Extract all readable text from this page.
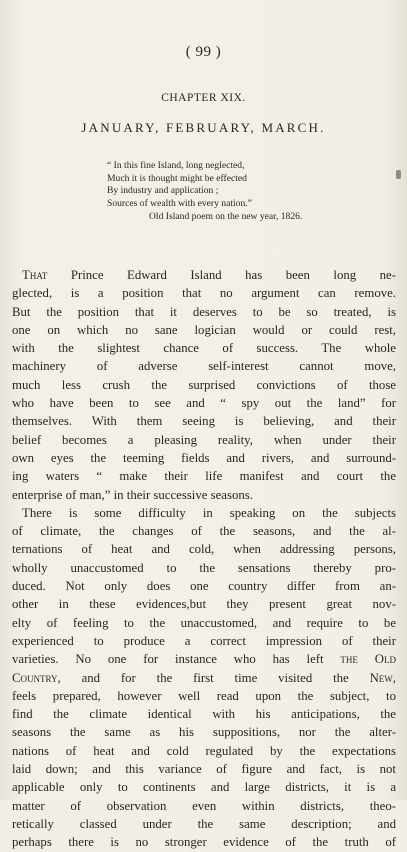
( 99 )
CHAPTER XIX.
JANUARY, FEBRUARY, MARCH.
“ In this fine Island, long neglected,
Much it is thought might be effected
By industry and application ;
Sources of wealth with every nation.”
Old Island poem on the new year, 1826.
That Prince Edward Island has been long ne-
glected, is a position that no argument can remove.
But the position that it deserves to be so treated, is
one on which no sane logician would or could rest,
with the slightest chance of success. The whole
machinery of adverse self-interest cannot move,
much less crush the surprised convictions of those
who have been to see and “ spy out the land” for
themselves. With them seeing is believing, and their
belief becomes a pleasing reality, when under their
own eyes the teeming fields and rivers, and surround-
ing waters “ make their life manifest and court the
enterprise of man,” in their successive seasons.
There is some difficulty in speaking on the subjects
of climate, the changes of the seasons, and the al-
ternations of heat and cold, when addressing persons,
wholly unaccustomed to the sensations thereby pro-
duced. Not only does one country differ from an-
other in these evidences,but they present great nov-
elty of feeling to the unaccustomed, and require to be
experienced to produce a correct impression of their
varieties. No one for instance who has left the Old
Country, and for the first time visited the New,
feels prepared, however well read upon the subject, to
find the climate identical with his anticipations, the
seasons the same as his suppositions, nor the alter-
nations of heat and cold regulated by the expectations
laid down; and this variance of figure and fact, is not
applicable only to continents and large districts, it is a
matter of observation even within districts, theo-
retically classed under the same description; and
perhaps there is no stronger evidence of the truth of
